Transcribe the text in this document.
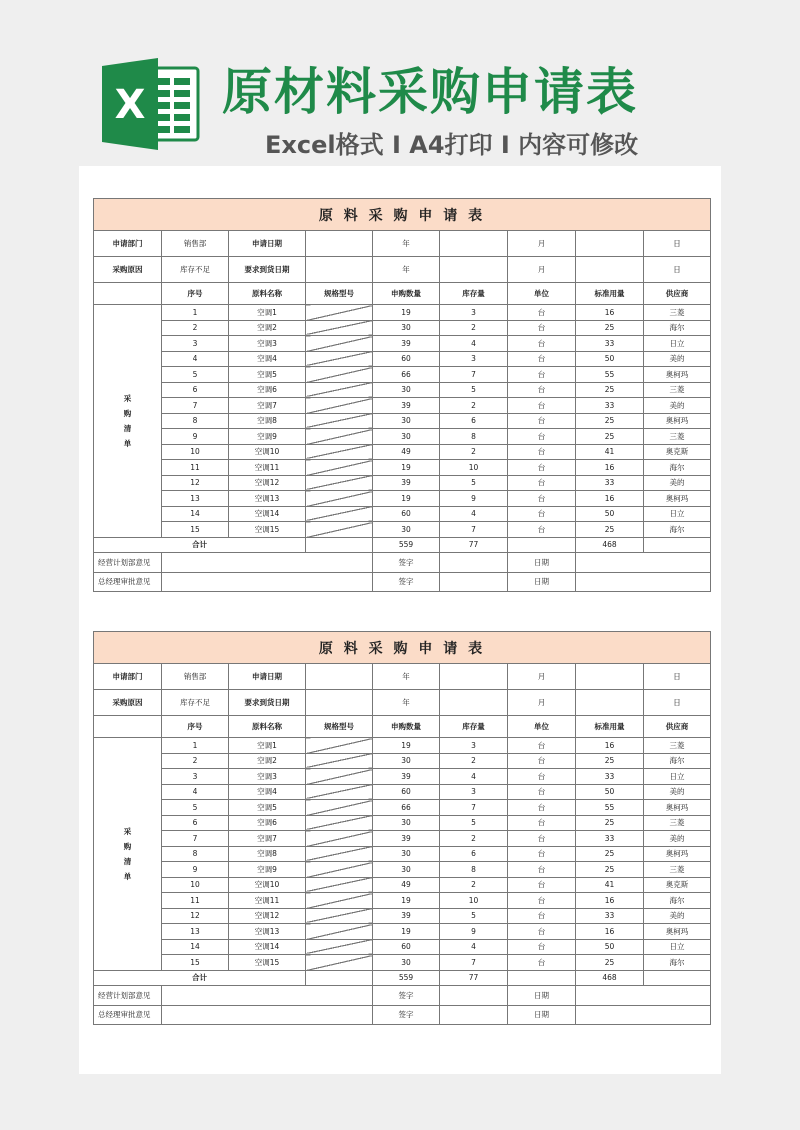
X 原材料采购申请表
Excel格式 I A4打印 I 内容可修改
原 料 采 购 申 请 表								
申请部门	销售部	申请日期		年		月		日
采购原因	库存不足	要求到货日期		年		月		日
	序号	原料名称	规格型号	申购数量	库存量	单位	标准用量	供应商

采
购
清
单	1	空调1		19	3	台	16	三菱
	2	空调2		30	2	台	25	海尔
	3	空调3		39	4	台	33	日立
	4	空调4		60	3	台	50	美的
	5	空调5		66	7	台	55	奥柯玛
	6	空调6		30	5	台	25	三菱
	7	空调7		39	2	台	33	美的
	8	空调8		30	6	台	25	奥柯玛
	9	空调9		30	8	台	25	三菱
	10	空调10		49	2	台	41	奥克斯
	11	空调11		19	10	台	16	海尔
	12	空调12		39	5	台	33	美的
	13	空调13		19	9	台	16	奥柯玛
	14	空调14		60	4	台	50	日立
	15	空调15		30	7	台	25	海尔
合计				559	77		468	
经营计划部意见				签字		日期		
总经理审批意见				签字		日期		
原 料 采 购 申 请 表								
申请部门	销售部	申请日期		年		月		日
采购原因	库存不足	要求到货日期		年		月		日
	序号	原料名称	规格型号	申购数量	库存量	单位	标准用量	供应商

采
购
清
单	1	空调1		19	3	台	16	三菱
	2	空调2		30	2	台	25	海尔
	3	空调3		39	4	台	33	日立
	4	空调4		60	3	台	50	美的
	5	空调5		66	7	台	55	奥柯玛
	6	空调6		30	5	台	25	三菱
	7	空调7		39	2	台	33	美的
	8	空调8		30	6	台	25	奥柯玛
	9	空调9		30	8	台	25	三菱
	10	空调10		49	2	台	41	奥克斯
	11	空调11		19	10	台	16	海尔
	12	空调12		39	5	台	33	美的
	13	空调13		19	9	台	16	奥柯玛
	14	空调14		60	4	台	50	日立
	15	空调15		30	7	台	25	海尔
合计				559	77		468	
经营计划部意见				签字		日期		
总经理审批意见				签字		日期		
